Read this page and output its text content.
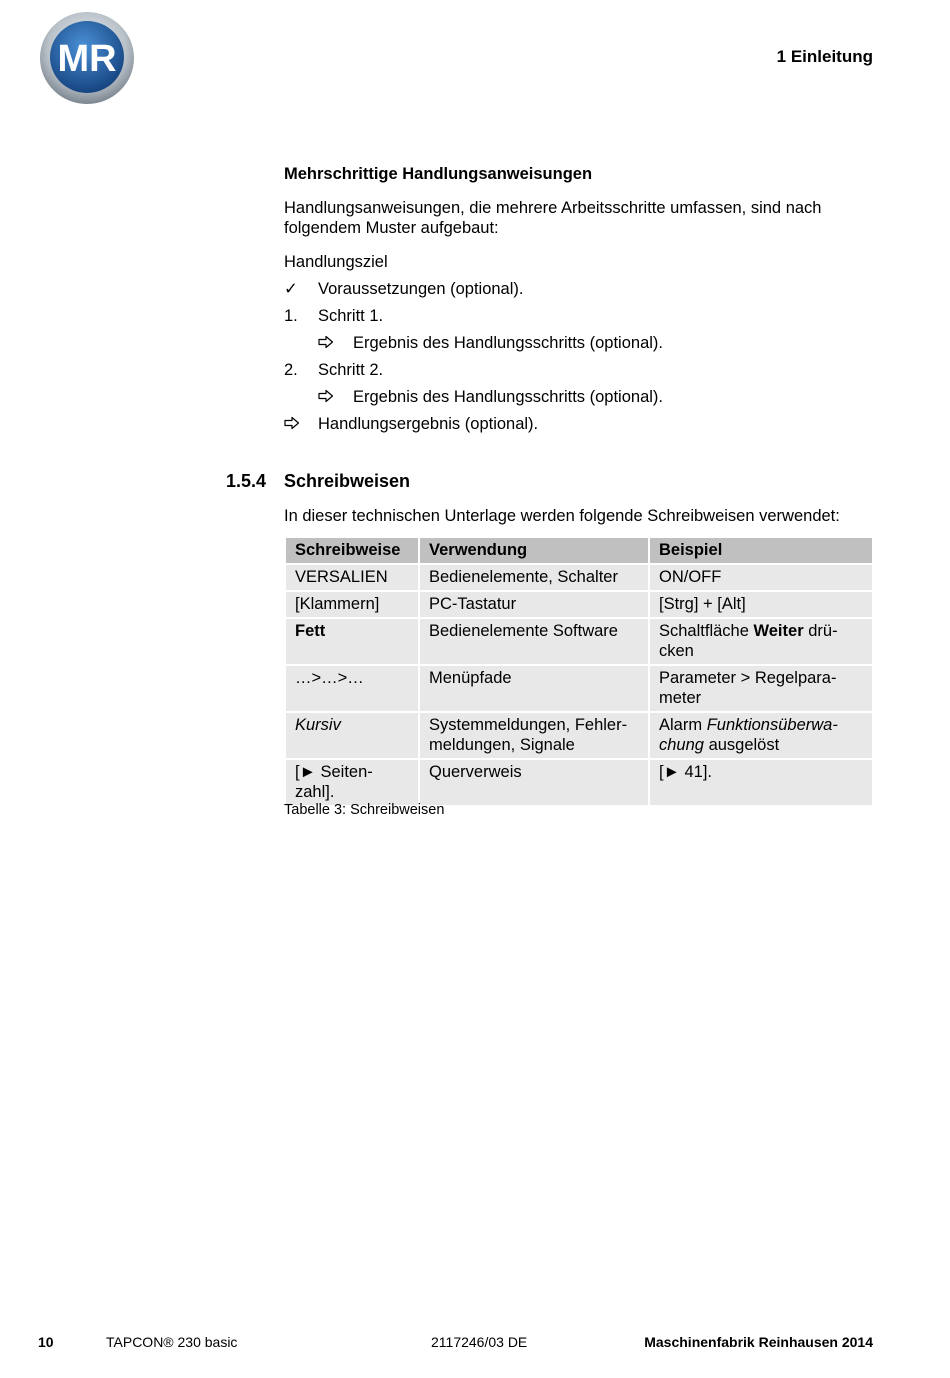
MR	1 Einleitung
Mehrschrittige Handlungsanweisungen
Handlungsanweisungen, die mehrere Arbeitsschritte umfassen, sind nach folgendem Muster aufgebaut:
Handlungsziel
✓ Voraussetzungen (optional).
1. Schritt 1.
Ergebnis des Handlungsschritts (optional).
2. Schritt 2.
Ergebnis des Handlungsschritts (optional).
Handlungsergebnis (optional).
1.5.4 Schreibweisen
In dieser technischen Unterlage werden folgende Schreibweisen verwendet:
Schreibweise	Verwendung	Beispiel
VERSALIEN	Bedienelemente, Schalter	ON/OFF
[Klammern]	PC-Tastatur	[Strg] + [Alt]
Fett	Bedienelemente Software	Schaltfläche Weiter drü-cken
…>…>…	Menüpfade	Parameter > Regelpara-meter
Kursiv	Systemmeldungen, Fehler-meldungen, Signale	Alarm Funktionsüberwa-chung ausgelöst
[► Seiten-zahl].	Querverweis	[► 41].
Tabelle 3: Schreibweisen
10	TAPCON® 230 basic	2117246/03 DE	Maschinenfabrik Reinhausen 2014
